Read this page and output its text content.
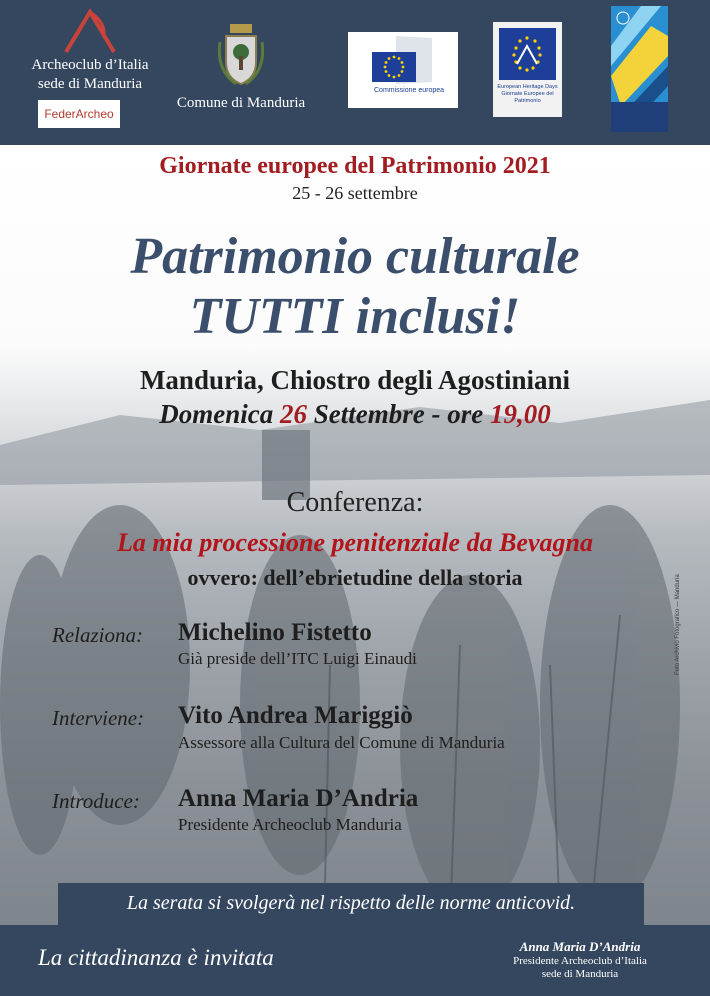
Archeoclub d’Italia
sede di Manduria
FederArcheo
Comune di Manduria
Commissione europea	European Heritage Days
Giornate Europee del Patrimonio
Giornate europee del Patrimonio 2021
25 - 26 settembre
Patrimonio culturale
TUTTI inclusi!
Manduria, Chiostro degli Agostiniani
Domenica 26 Settembre - ore 19,00
Conferenza:
La mia processione penitenziale da Bevagna
ovvero: dell’ebrietudine della storia
Relaziona: Michelino Fistetto
Già preside dell’ITC Luigi Einaudi
Interviene: Vito Andrea Mariggiò
Assessore alla Cultura del Comune di Manduria
Introduce: Anna Maria D’Andria
Presidente Archeoclub Manduria
Foto Archivio Fotografico — Manduria
La serata si svolgerà nel rispetto delle norme anticovid.
La cittadinanza è invitata	Anna Maria D’Andria
Presidente Archeoclub d’Italia
sede di Manduria
